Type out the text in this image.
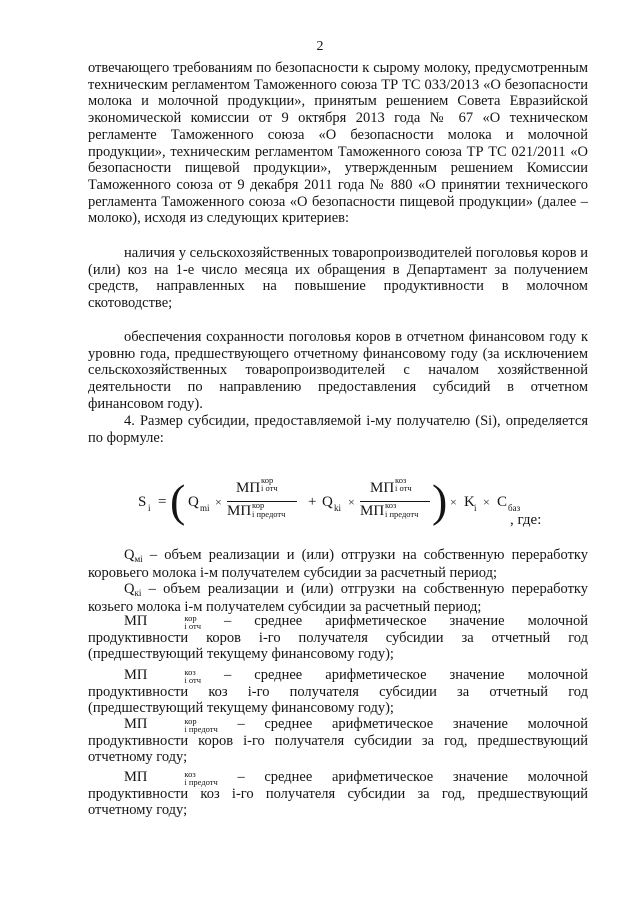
2
отвечающего требованиям по безопасности к сырому молоку, предусмотренным техническим регламентом Таможенного союза ТР ТС 033/2013 «О безопасности молока и молочной продукции», принятым решением Совета Евразийской экономической комиссии от 9 октября 2013 года № 67 «О техническом регламенте Таможенного союза «О безопасности молока и молочной продукции», техническим регламентом Таможенного союза ТР ТС 021/2011 «О безопасности пищевой продукции», утвержденным решением Комиссии Таможенного союза от 9 декабря 2011 года № 880 «О принятии технического регламента Таможенного союза «О безопасности пищевой продукции» (далее – молоко), исходя из следующих критериев:
наличия у сельскохозяйственных товаропроизводителей поголовья коров и (или) коз на 1-е число месяца их обращения в Департамент за получением средств, направленных на повышение продуктивности в молочном скотоводстве;
обеспечения сохранности поголовья коров в отчетном финансовом году к уровню года, предшествующего отчетному финансовому году (за исключением сельскохозяйственных товаропроизводителей с началом хозяйственной деятельности по направлению предоставления субсидий в отчетном финансовом году).
4. Размер субсидии, предоставляемой i-му получателю (Si), определяется по формуле:
S i = ( Q mi ×
МП кор
i отч
МП кор
i предотч
+ Q ki ×
МП коз
i отч
МП коз
i предотч ) × K i × С баз
, где:
$Q_{мi}$ – объем реализации и (или) отгрузки на собственную переработку коровьего молока i-м получателем субсидии за расчетный период;
$Q_{кi}$ – объем реализации и (или) отгрузки на собственную переработку козьего молока i-м получателем субсидии за расчетный период;
МП	кор
i отч – среднее арифметическое значение молочной продуктивности коров i-го получателя субсидии за отчетный год (предшествующий текущему финансовому году);
МП	коз
i отч – среднее арифметическое значение молочной продуктивности коз i-го получателя субсидии за отчетный год (предшествующий текущему финансовому году);
МП	кор
i предотч – среднее арифметическое значение молочной продуктивности коров i-го получателя субсидии за год, предшествующий отчетному году;
МП	коз
i предотч – среднее арифметическое значение молочной продуктивности коз i-го получателя субсидии за год, предшествующий отчетному году;
